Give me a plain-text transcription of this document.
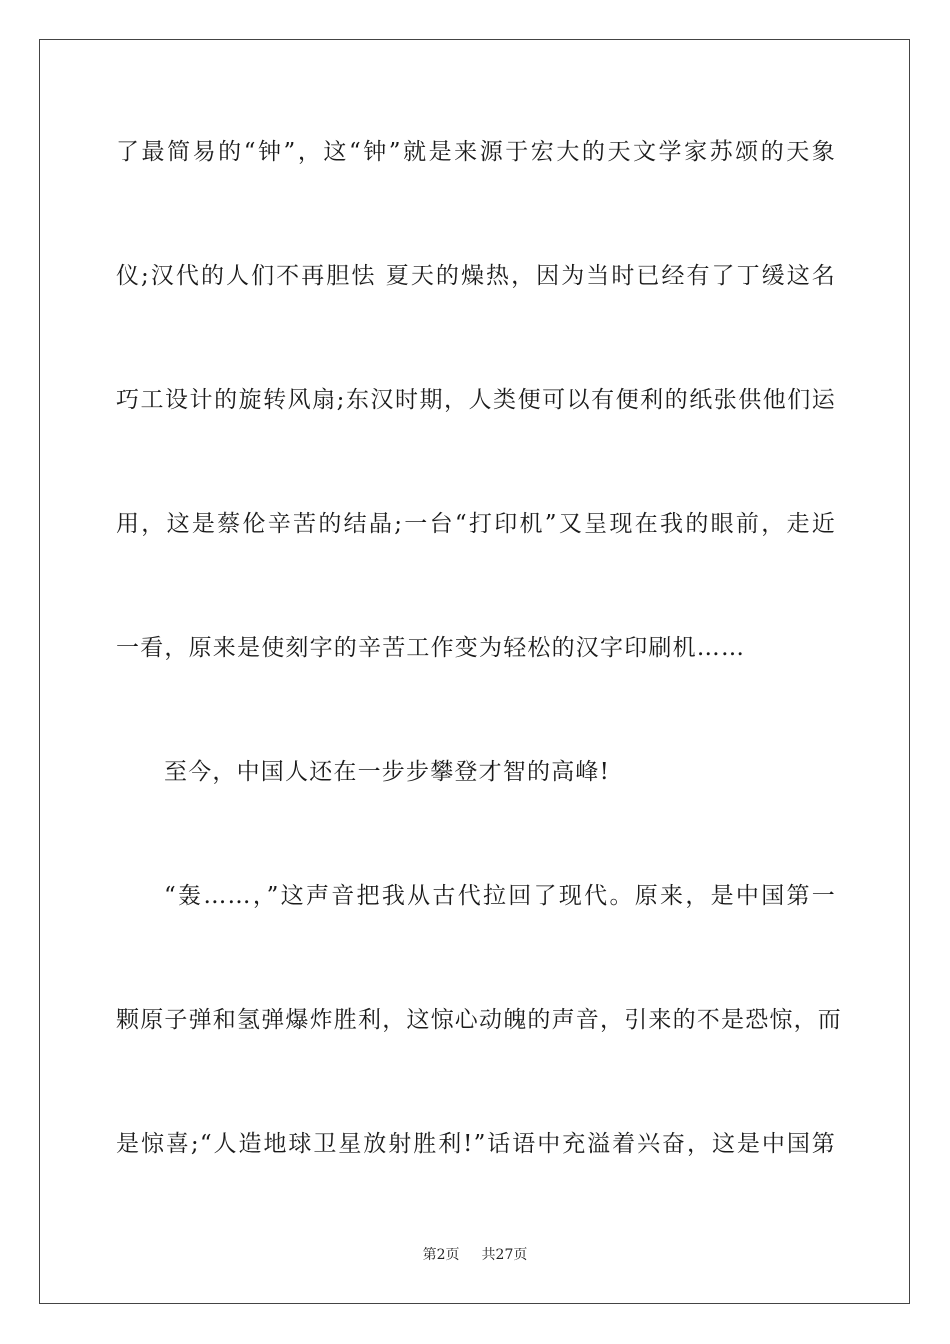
了最简易的“钟”，这“钟”就是来源于宏大的天文学家苏颂的天象
仪;汉代的人们不再胆怯 夏天的燥热，因为当时已经有了丁缓这名
巧工设计的旋转风扇;东汉时期，人类便可以有便利的纸张供他们运
用，这是蔡伦辛苦的结晶;一台“打印机”又呈现在我的眼前，走近
一看，原来是使刻字的辛苦工作变为轻松的汉字印刷机……
至今，中国人还在一步步攀登才智的高峰!
“轰……，”这声音把我从古代拉回了现代。原来，是中国第一
颗原子弹和氢弹爆炸胜利，这惊心动魄的声音，引来的不是恐惊，而
是惊喜;“人造地球卫星放射胜利!”话语中充溢着兴奋，这是中国第
第2页 共27页
